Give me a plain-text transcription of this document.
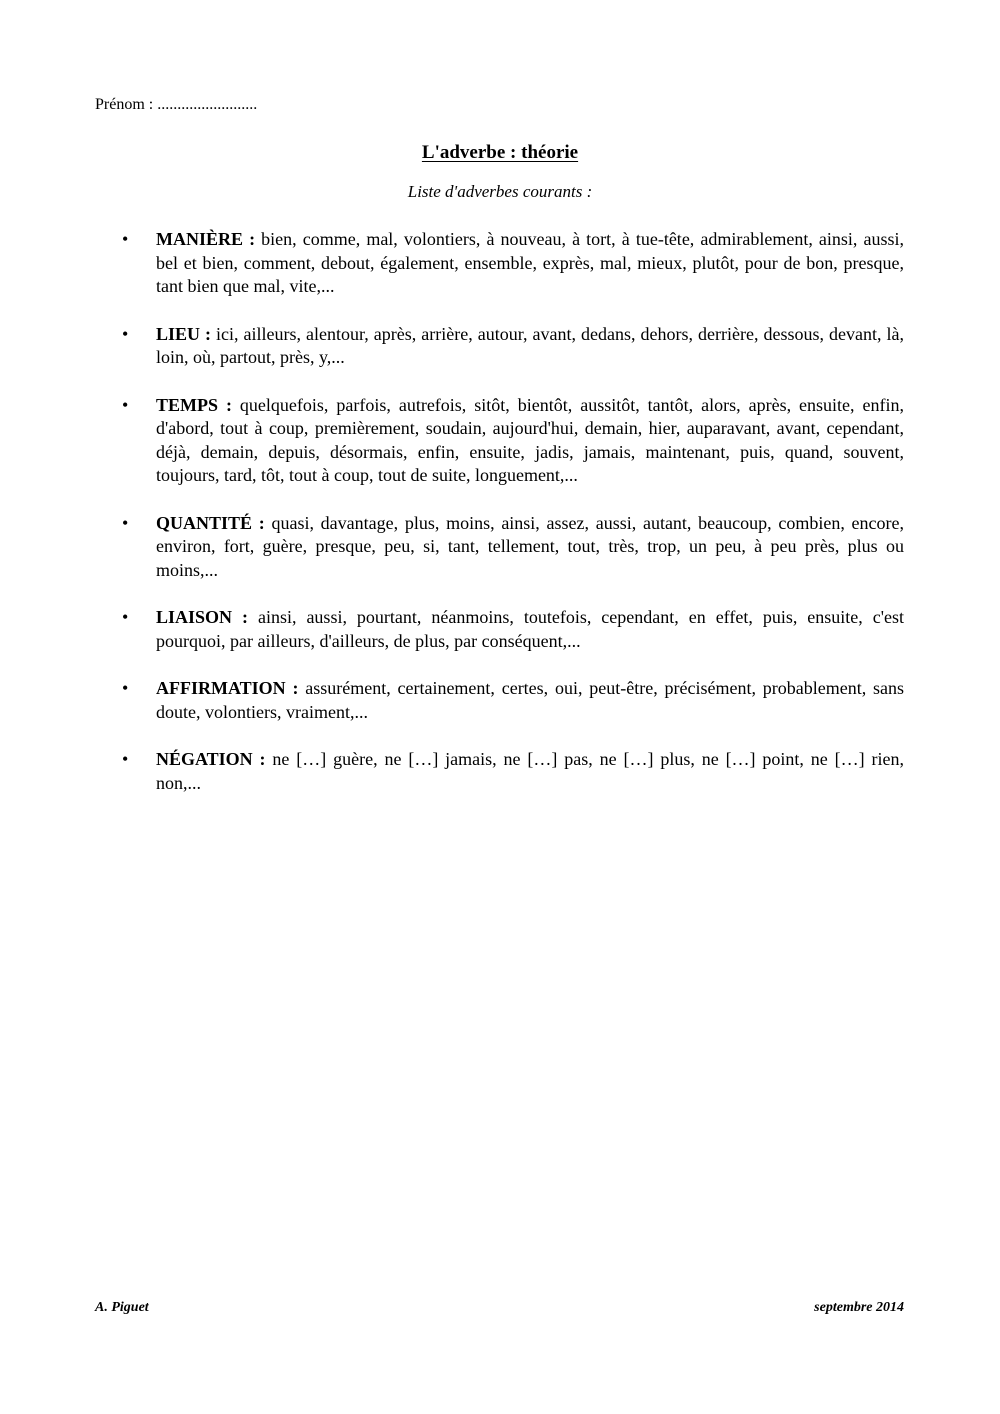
Prénom : .........................
L'adverbe : théorie
Liste d'adverbes courants :
• MANIÈRE : bien, comme, mal, volontiers, à nouveau, à tort, à tue-tête, admirablement, ainsi, aussi, bel et bien, comment, debout, également, ensemble, exprès, mal, mieux, plutôt, pour de bon, presque, tant bien que mal, vite,...
• LIEU : ici, ailleurs, alentour, après, arrière, autour, avant, dedans, dehors, derrière, dessous, devant, là, loin, où, partout, près, y,...
• TEMPS : quelquefois, parfois, autrefois, sitôt, bientôt, aussitôt, tantôt, alors, après, ensuite, enfin, d'abord, tout à coup, premièrement, soudain, aujourd'hui, demain, hier, auparavant, avant, cependant, déjà, demain, depuis, désormais, enfin, ensuite, jadis, jamais, maintenant, puis, quand, souvent, toujours, tard, tôt, tout à coup, tout de suite, longuement,...
• QUANTITÉ : quasi, davantage, plus, moins, ainsi, assez, aussi, autant, beaucoup, combien, encore, environ, fort, guère, presque, peu, si, tant, tellement, tout, très, trop, un peu, à peu près, plus ou moins,...
• LIAISON : ainsi, aussi, pourtant, néanmoins, toutefois, cependant, en effet, puis, ensuite, c'est pourquoi, par ailleurs, d'ailleurs, de plus, par conséquent,...
• AFFIRMATION : assurément, certainement, certes, oui, peut-être, précisément, probablement, sans doute, volontiers, vraiment,...
• NÉGATION : ne […] guère, ne […] jamais, ne […] pas, ne […] plus, ne […] point, ne […] rien, non,...
A. Piguet	septembre 2014
